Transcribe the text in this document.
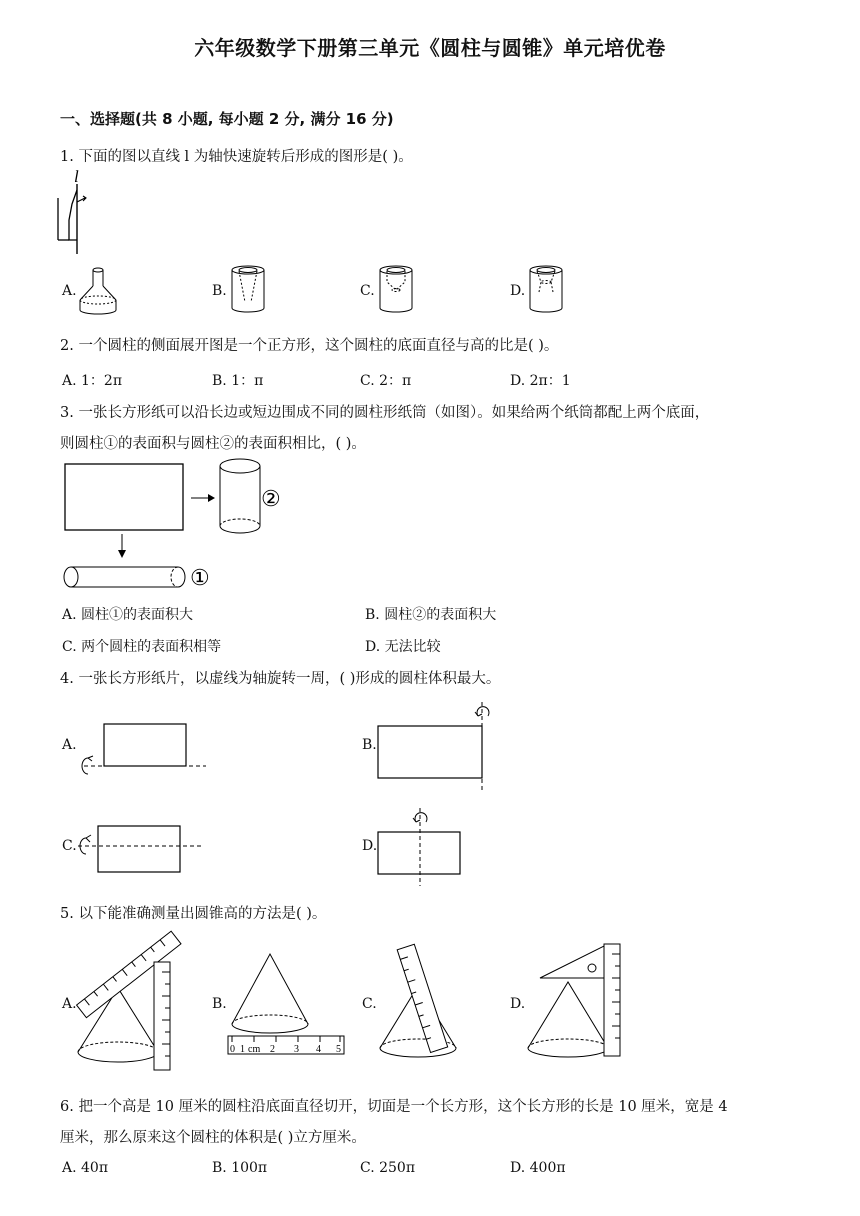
六年级数学下册第三单元《圆柱与圆锥》单元培优卷
一、选择题(共 8 小题, 每小题 2 分, 满分 16 分)
1. 下面的图以直线 l 为轴快速旋转后形成的图形是( )。
l
A.	B.	C.	D.
2. 一个圆柱的侧面展开图是一个正方形，这个圆柱的底面直径与高的比是( )。
A. 1：2π	B. 1：π	C. 2：π	D. 2π：1
3. 一张长方形纸可以沿长边或短边围成不同的圆柱形纸筒（如图）。如果给两个纸筒都配上两个底面，
则圆柱①的表面积与圆柱②的表面积相比，( )。
②
①
A. 圆柱①的表面积大	B. 圆柱②的表面积大
C. 两个圆柱的表面积相等	D. 无法比较
4. 一张长方形纸片，以虚线为轴旋转一周，( )形成的圆柱体积最大。
A.	B.
C.	D.
5. 以下能准确测量出圆锥高的方法是( )。
A.	B.
0 1 cm 2 3 4 5
C.	D.
6. 把一个高是 10 厘米的圆柱沿底面直径切开，切面是一个长方形，这个长方形的长是 10 厘米，宽是 4
厘米，那么原来这个圆柱的体积是( )立方厘米。
A. 40π	B. 100π	C. 250π	D. 400π
